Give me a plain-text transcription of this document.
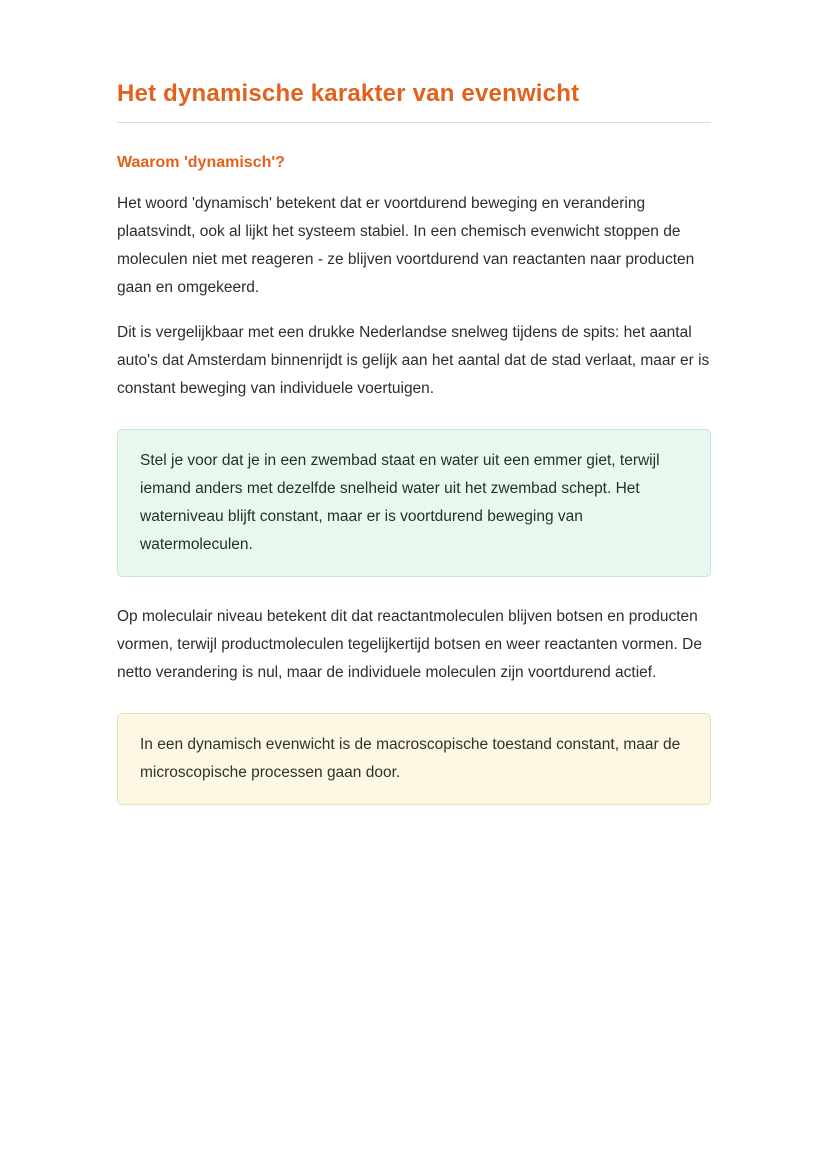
Het dynamische karakter van evenwicht
Waarom 'dynamisch'?

Het woord 'dynamisch' betekent dat er voortdurend beweging en verandering plaatsvindt, ook al lijkt het systeem stabiel. In een chemisch evenwicht stoppen de moleculen niet met reageren - ze blijven voortdurend van reactanten naar producten gaan en omgekeerd.

Dit is vergelijkbaar met een drukke Nederlandse snelweg tijdens de spits: het aantal auto's dat Amsterdam binnenrijdt is gelijk aan het aantal dat de stad verlaat, maar er is constant beweging van individuele voertuigen.

Stel je voor dat je in een zwembad staat en water uit een emmer giet, terwijl iemand anders met dezelfde snelheid water uit het zwembad schept. Het waterniveau blijft constant, maar er is voortdurend beweging van watermoleculen.

Op moleculair niveau betekent dit dat reactantmoleculen blijven botsen en producten vormen, terwijl productmoleculen tegelijkertijd botsen en weer reactanten vormen. De netto verandering is nul, maar de individuele moleculen zijn voortdurend actief.

In een dynamisch evenwicht is de macroscopische toestand constant, maar de microscopische processen gaan door.
